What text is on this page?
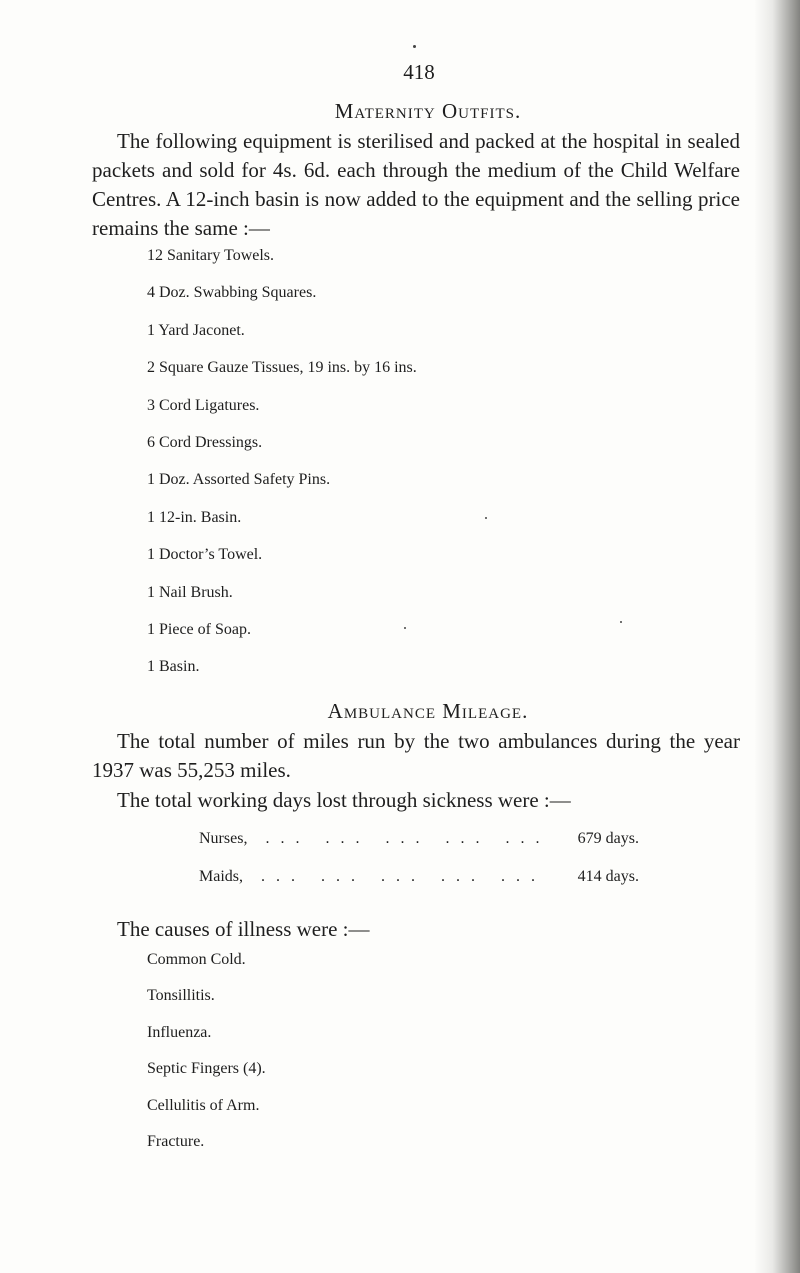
418
Maternity Outfits.

The following equipment is sterilised and packed at the hospital in sealed packets and sold for 4s. 6d. each through the medium of the Child Welfare Centres. A 12-inch basin is now added to the equipment and the selling price remains the same :—

12 Sanitary Towels.
4 Doz. Swabbing Squares.
1 Yard Jaconet.
2 Square Gauze Tissues, 19 ins. by 16 ins.
3 Cord Ligatures.
6 Cord Dressings.
1 Doz. Assorted Safety Pins.
1 12-in. Basin.
1 Doctor’s Towel.
1 Nail Brush.
1 Piece of Soap.
1 Basin.
Ambulance Mileage.

The total number of miles run by the two ambulances during the year 1937 was 55,253 miles.

The total working days lost through sickness were :—

Nurses,	... ... ... ... ...	679 days.
Maids,	... ... ... ... ...	414 days.

The causes of illness were :—

Common Cold.
Tonsillitis.
Influenza.
Septic Fingers (4).
Cellulitis of Arm.
Fracture.
